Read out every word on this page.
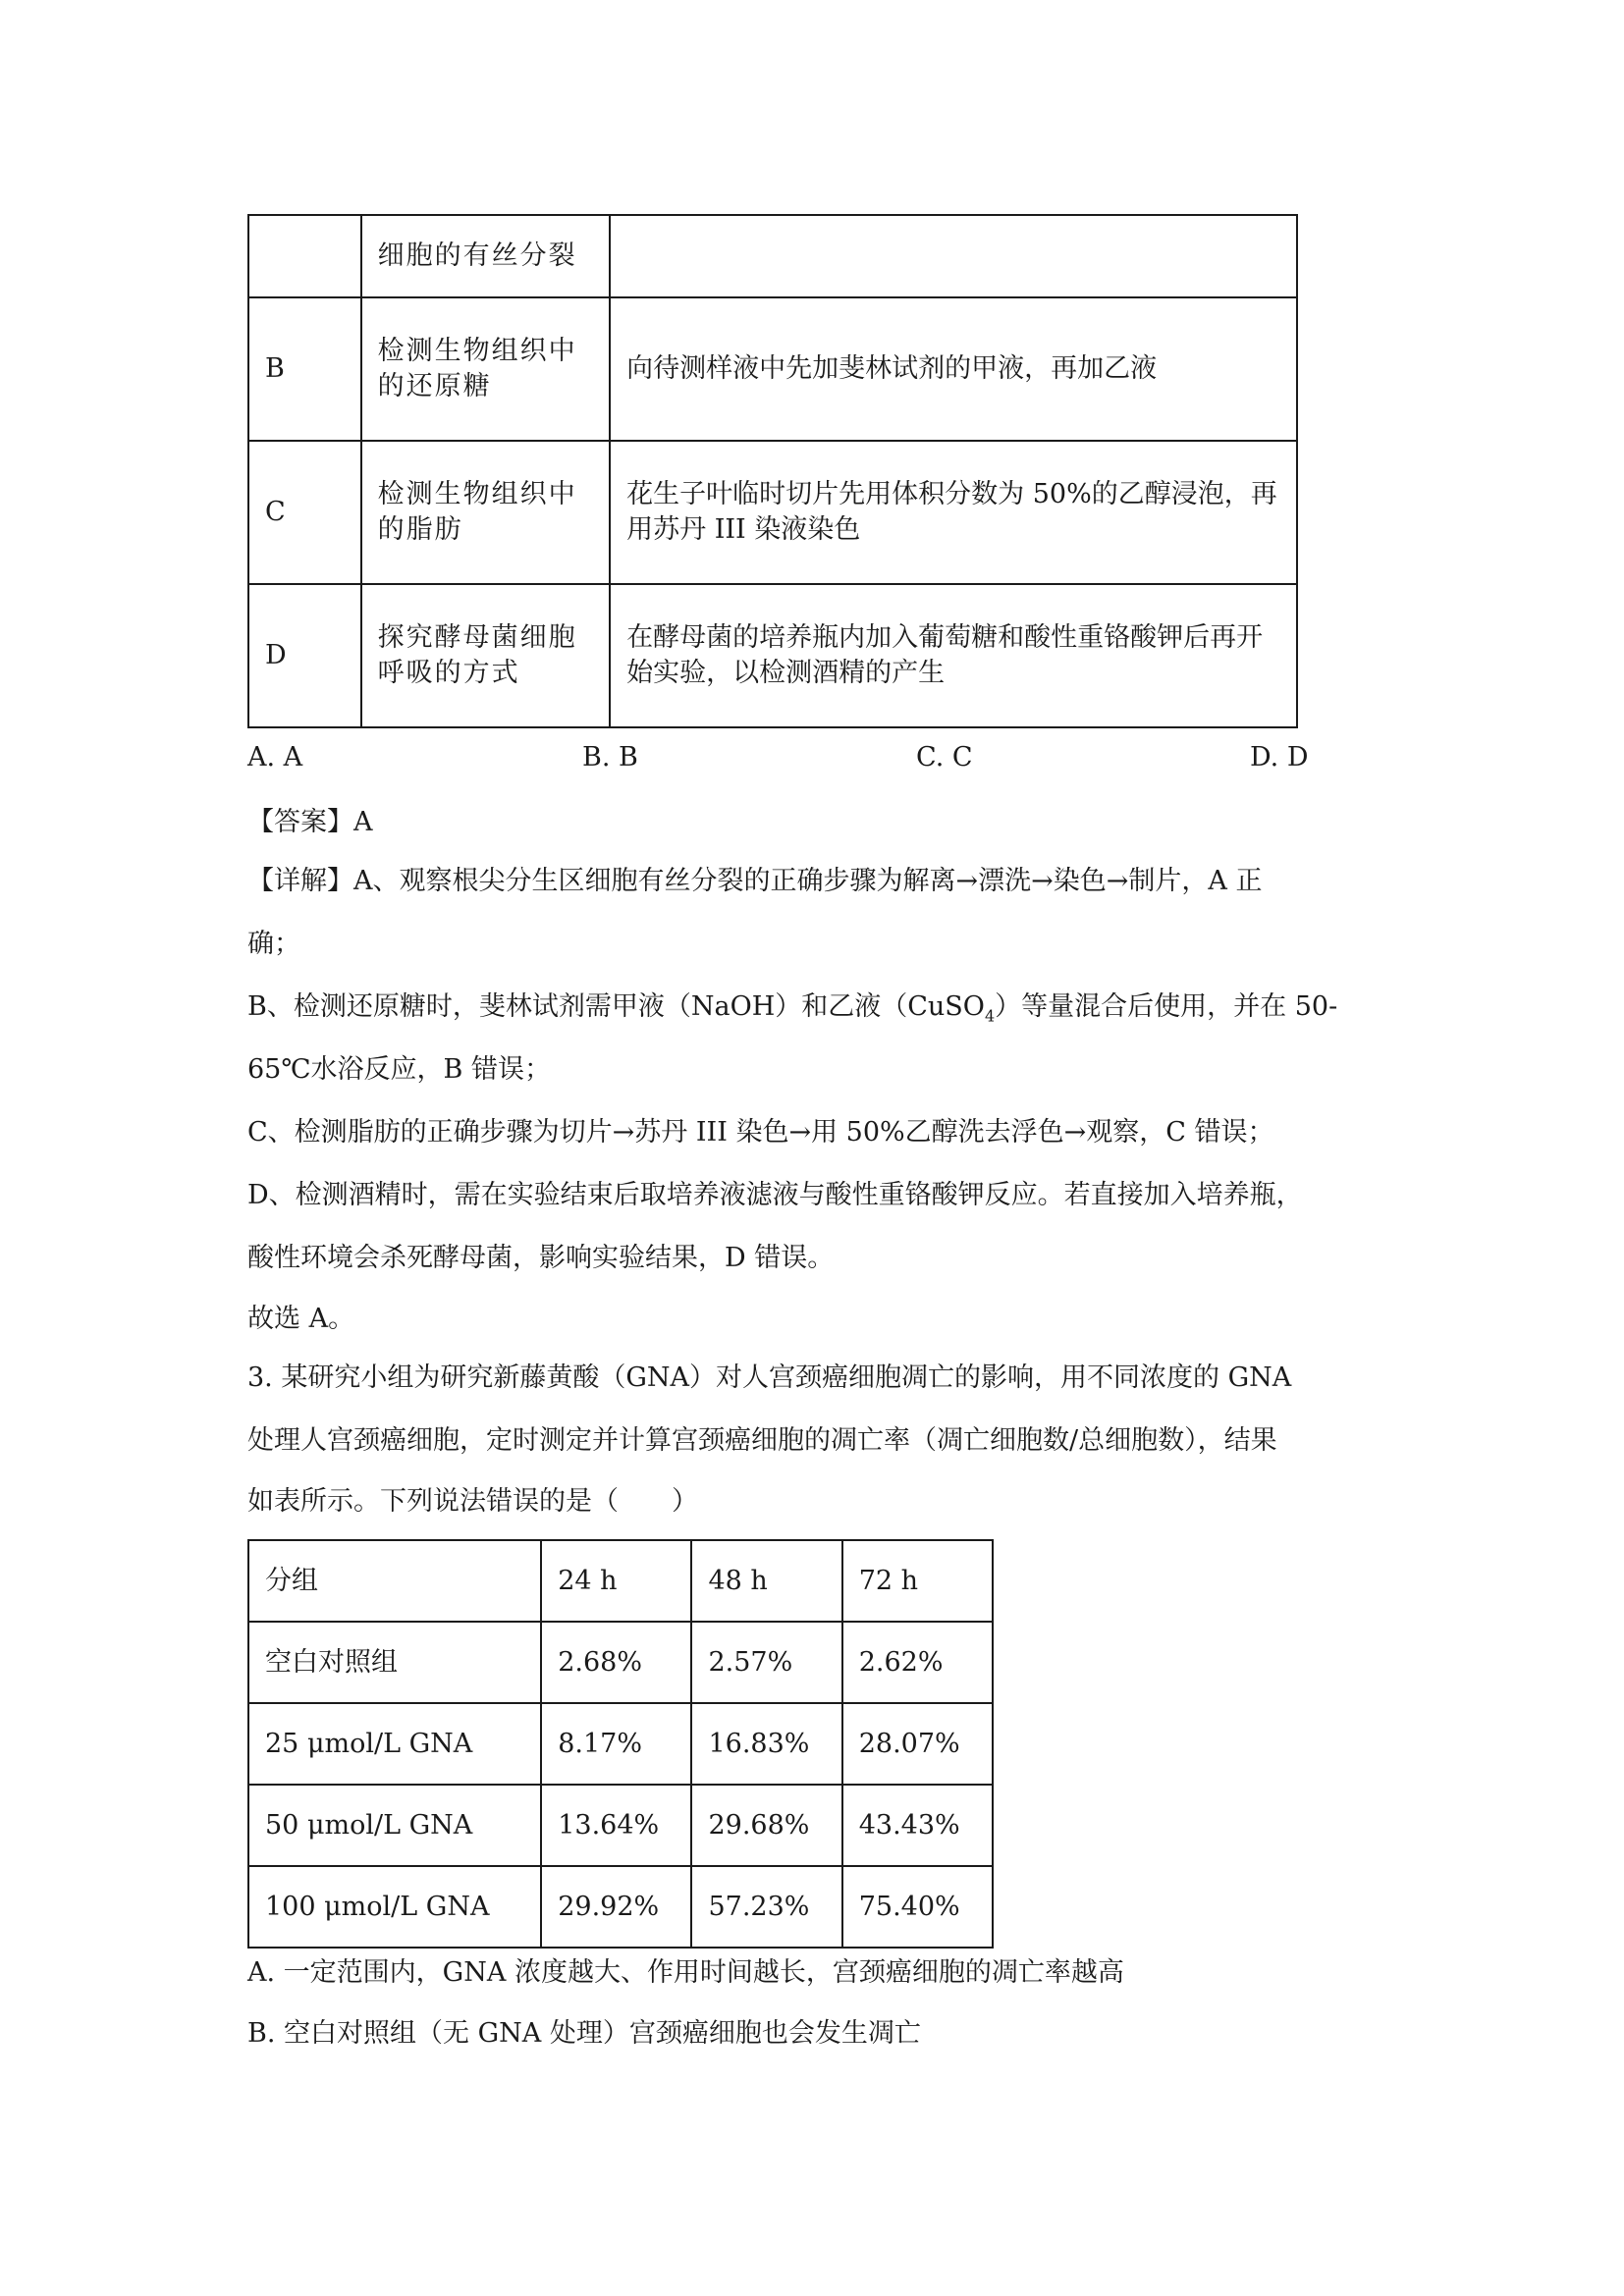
	细胞的有丝分裂	
B	检测生物组织中的还原糖	向待测样液中先加斐林试剂的甲液，再加乙液
C	检测生物组织中的脂肪	花生子叶临时切片先用体积分数为 50%的乙醇浸泡，再用苏丹 III 染液染色
D	探究酵母菌细胞呼吸的方式	在酵母菌的培养瓶内加入葡萄糖和酸性重铬酸钾后再开始实验，以检测酒精的产生
A. A	B. B	C. C	D. D
【答案】A
【详解】A、观察根尖分生区细胞有丝分裂的正确步骤为解离→漂洗→染色→制片，A 正
确；
B、检测还原糖时，斐林试剂需甲液（NaOH）和乙液（CuSO$_4$）等量混合后使用，并在 50-
65℃水浴反应，B 错误；
C、检测脂肪的正确步骤为切片→苏丹 III 染色→用 50%乙醇洗去浮色→观察，C 错误；
D、检测酒精时，需在实验结束后取培养液滤液与酸性重铬酸钾反应。若直接加入培养瓶，
酸性环境会杀死酵母菌，影响实验结果，D 错误。
故选 A。
3. 某研究小组为研究新藤黄酸（GNA）对人宫颈癌细胞凋亡的影响，用不同浓度的 GNA
处理人宫颈癌细胞，定时测定并计算宫颈癌细胞的凋亡率（凋亡细胞数/总细胞数），结果
如表所示。下列说法错误的是（　　）
分组	24 h	48 h	72 h
空白对照组	2.68%	2.57%	2.62%
25 μmol/L GNA	8.17%	16.83%	28.07%
50 μmol/L GNA	13.64%	29.68%	43.43%
100 μmol/L GNA	29.92%	57.23%	75.40%
A. 一定范围内，GNA 浓度越大、作用时间越长，宫颈癌细胞的凋亡率越高
B. 空白对照组（无 GNA 处理）宫颈癌细胞也会发生凋亡
